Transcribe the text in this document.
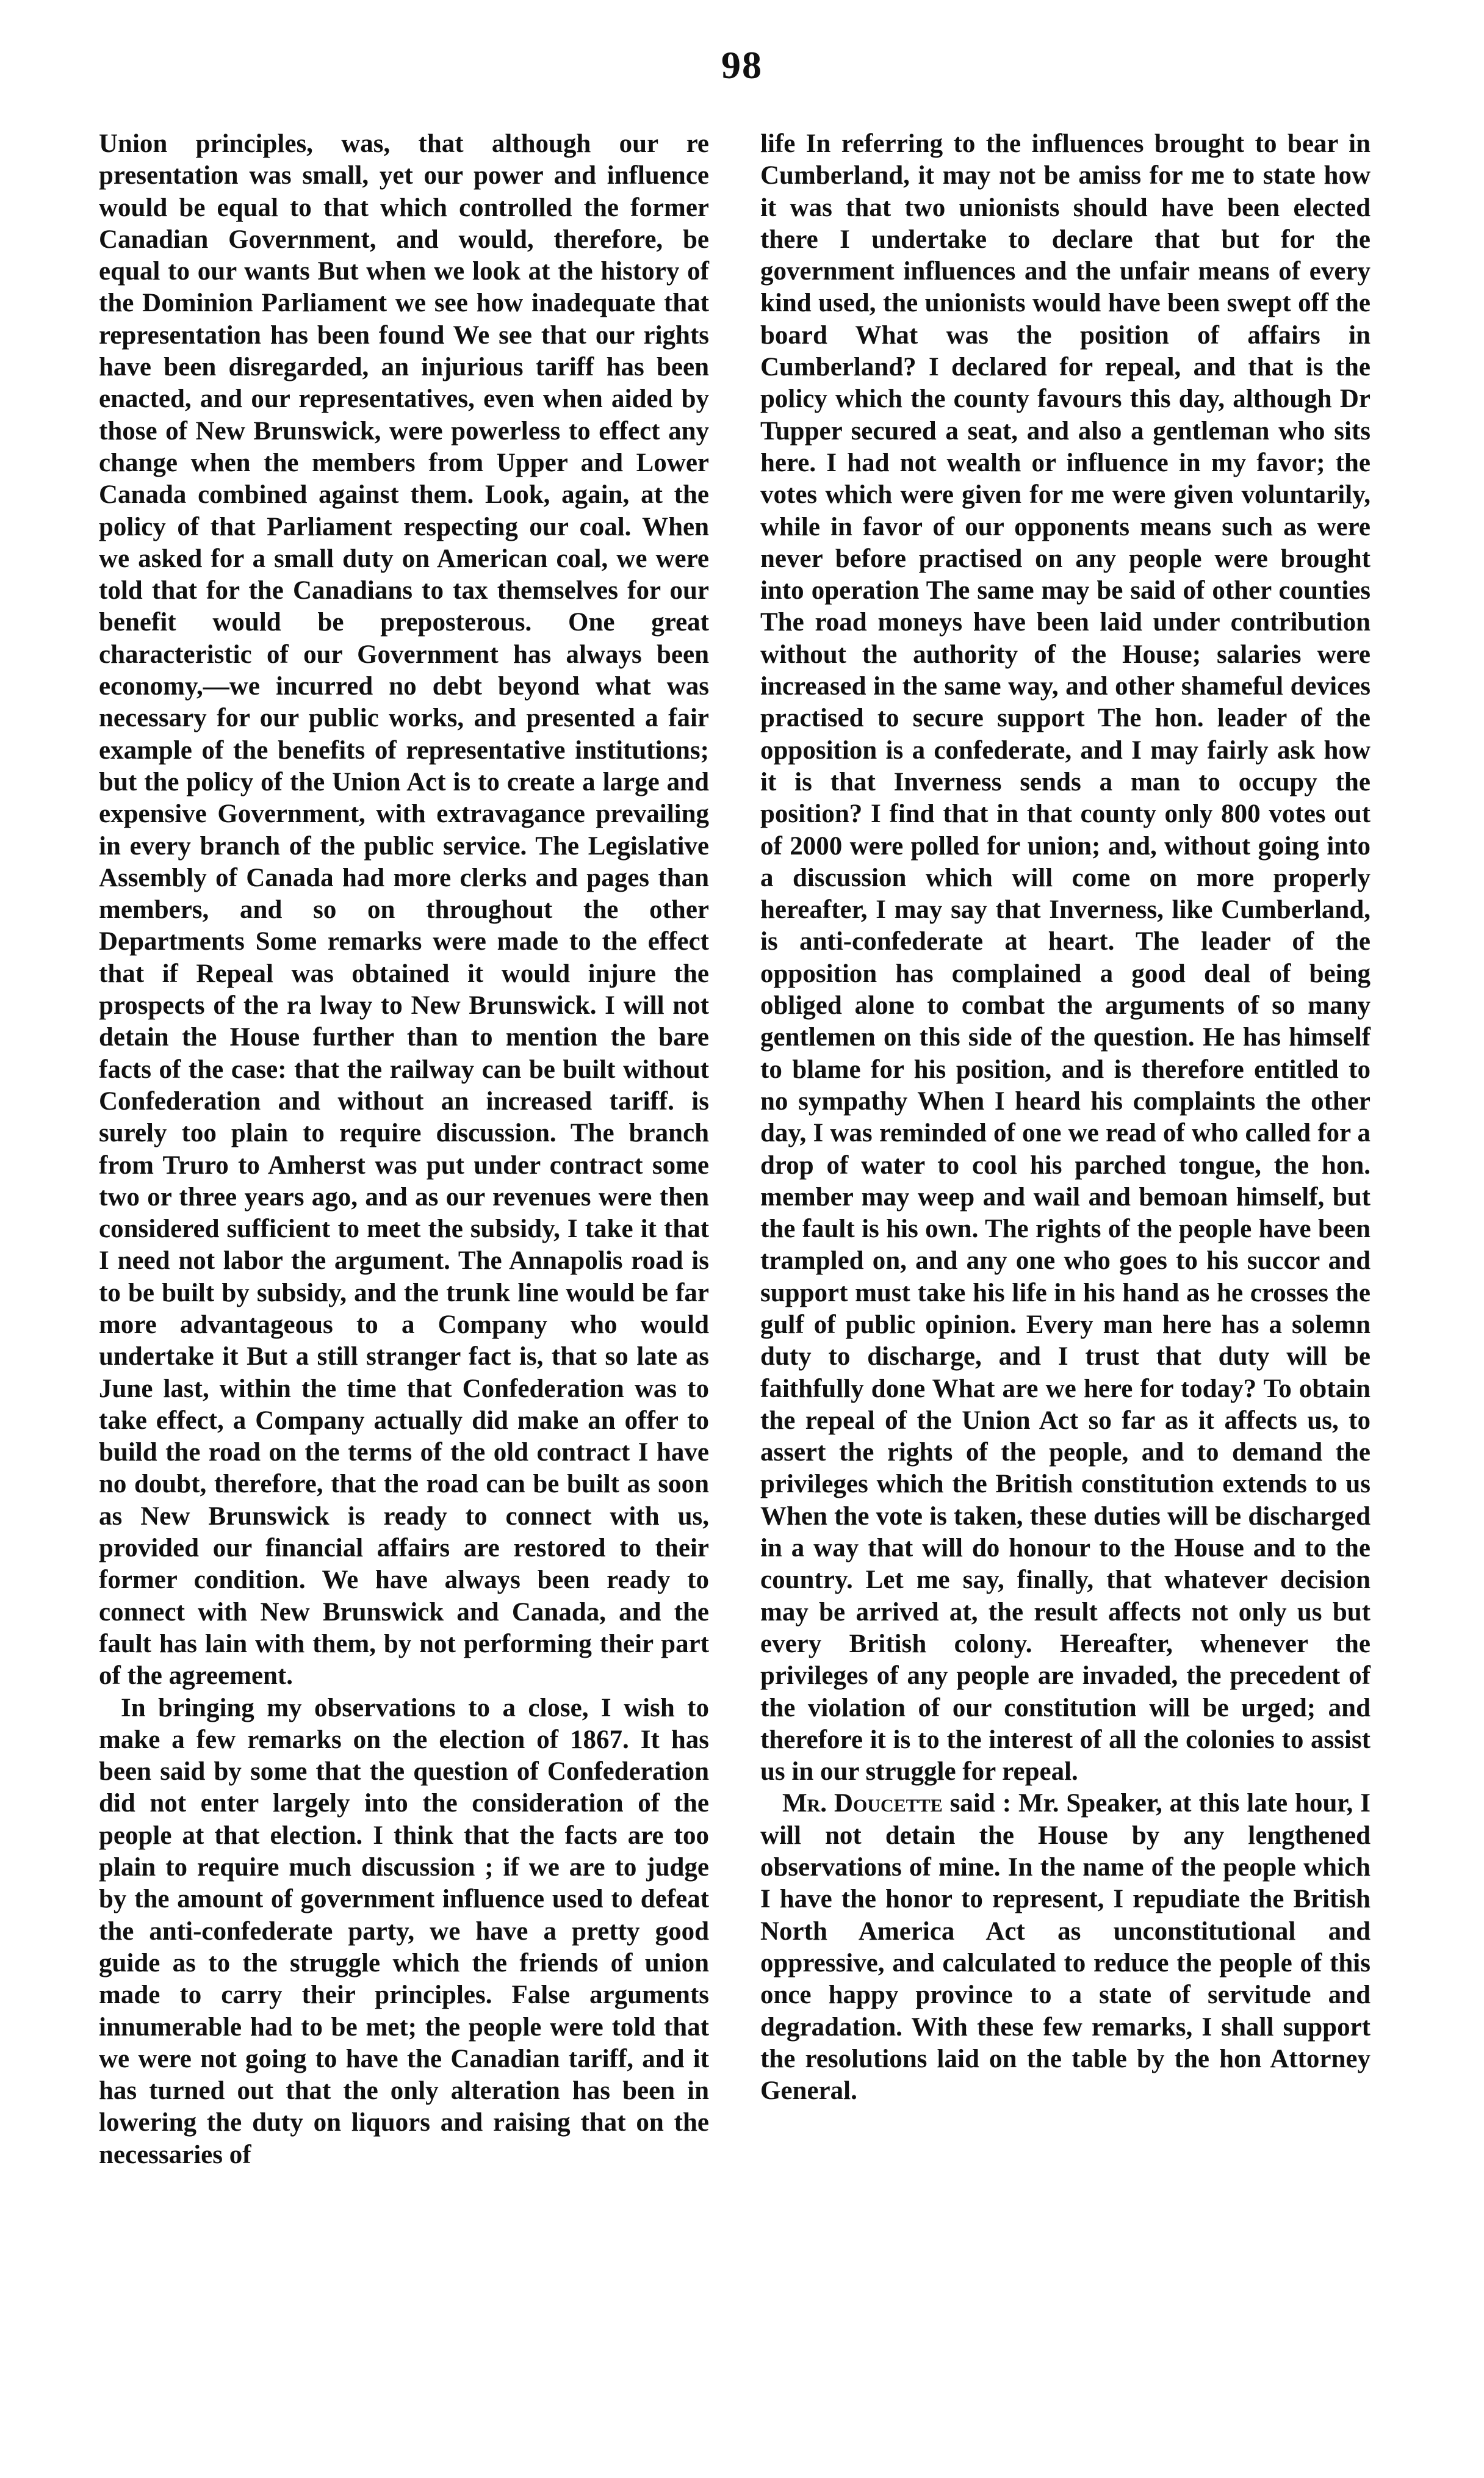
98

Union principles, was, that although our re presentation was small, yet our power and influence would be equal to that which controlled the former Canadian Government, and would, therefore, be equal to our wants But when we look at the history of the Dominion Parliament we see how inadequate that representation has been found We see that our rights have been disregarded, an injurious tariff has been enacted, and our representatives, even when aided by those of New Brunswick, were powerless to effect any change when the members from Upper and Lower Canada combined against them. Look, again, at the policy of that Parliament respecting our coal. When we asked for a small duty on American coal, we were told that for the Canadians to tax themselves for our benefit would be preposterous. One great characteristic of our Government has always been economy,—we incurred no debt beyond what was necessary for our public works, and presented a fair example of the benefits of representative institutions; but the policy of the Union Act is to create a large and expensive Government, with extravagance prevailing in every branch of the public service. The Legislative Assembly of Canada had more clerks and pages than members, and so on throughout the other Departments Some remarks were made to the effect that if Repeal was obtained it would injure the prospects of the ra lway to New Brunswick. I will not detain the House further than to mention the bare facts of the case: that the railway can be built without Confederation and without an increased tariff. is surely too plain to require discussion. The branch from Truro to Amherst was put under contract some two or three years ago, and as our revenues were then considered sufficient to meet the subsidy, I take it that I need not labor the argument. The Annapolis road is to be built by subsidy, and the trunk line would be far more advantageous to a Company who would undertake it But a still stranger fact is, that so late as June last, within the time that Confederation was to take effect, a Company actually did make an offer to build the road on the terms of the old contract I have no doubt, therefore, that the road can be built as soon as New Brunswick is ready to connect with us, provided our financial affairs are restored to their former condition. We have always been ready to connect with New Brunswick and Canada, and the fault has lain with them, by not performing their part of the agreement.

In bringing my observations to a close, I wish to make a few remarks on the election of 1867. It has been said by some that the question of Confederation did not enter largely into the consideration of the people at that election. I think that the facts are too plain to require much discussion ; if we are to judge by the amount of government influence used to defeat the anti-confederate party, we have a pretty good guide as to the struggle which the friends of union made to carry their principles. False arguments innumerable had to be met; the people were told that we were not going to have the Canadian tariff, and it has turned out that the only alteration has been in lowering the duty on liquors and raising that on the necessaries of

life In referring to the influences brought to bear in Cumberland, it may not be amiss for me to state how it was that two unionists should have been elected there I undertake to declare that but for the government influences and the unfair means of every kind used, the unionists would have been swept off the board What was the position of affairs in Cumberland? I declared for repeal, and that is the policy which the county favours this day, although Dr Tupper secured a seat, and also a gentleman who sits here. I had not wealth or influence in my favor; the votes which were given for me were given voluntarily, while in favor of our opponents means such as were never before practised on any people were brought into operation The same may be said of other counties The road moneys have been laid under contribution without the authority of the House; salaries were increased in the same way, and other shameful devices practised to secure support The hon. leader of the opposition is a confederate, and I may fairly ask how it is that Inverness sends a man to occupy the position? I find that in that county only 800 votes out of 2000 were polled for union; and, without going into a discussion which will come on more properly hereafter, I may say that Inverness, like Cumberland, is anti-confederate at heart. The leader of the opposition has complained a good deal of being obliged alone to combat the arguments of so many gentlemen on this side of the question. He has himself to blame for his position, and is therefore entitled to no sympathy When I heard his complaints the other day, I was reminded of one we read of who called for a drop of water to cool his parched tongue, the hon. member may weep and wail and bemoan himself, but the fault is his own. The rights of the people have been trampled on, and any one who goes to his succor and support must take his life in his hand as he crosses the gulf of public opinion. Every man here has a solemn duty to discharge, and I trust that duty will be faithfully done What are we here for today? To obtain the repeal of the Union Act so far as it affects us, to assert the rights of the people, and to demand the privileges which the British constitution extends to us When the vote is taken, these duties will be discharged in a way that will do honour to the House and to the country. Let me say, finally, that whatever decision may be arrived at, the result affects not only us but every British colony. Hereafter, whenever the privileges of any people are invaded, the precedent of the violation of our constitution will be urged; and therefore it is to the interest of all the colonies to assist us in our struggle for repeal.

Mr. Doucette said : Mr. Speaker, at this late hour, I will not detain the House by any lengthened observations of mine. In the name of the people which I have the honor to represent, I repudiate the British North America Act as unconstitutional and oppressive, and calculated to reduce the people of this once happy province to a state of servitude and degradation. With these few remarks, I shall support the resolutions laid on the table by the hon Attorney General.
